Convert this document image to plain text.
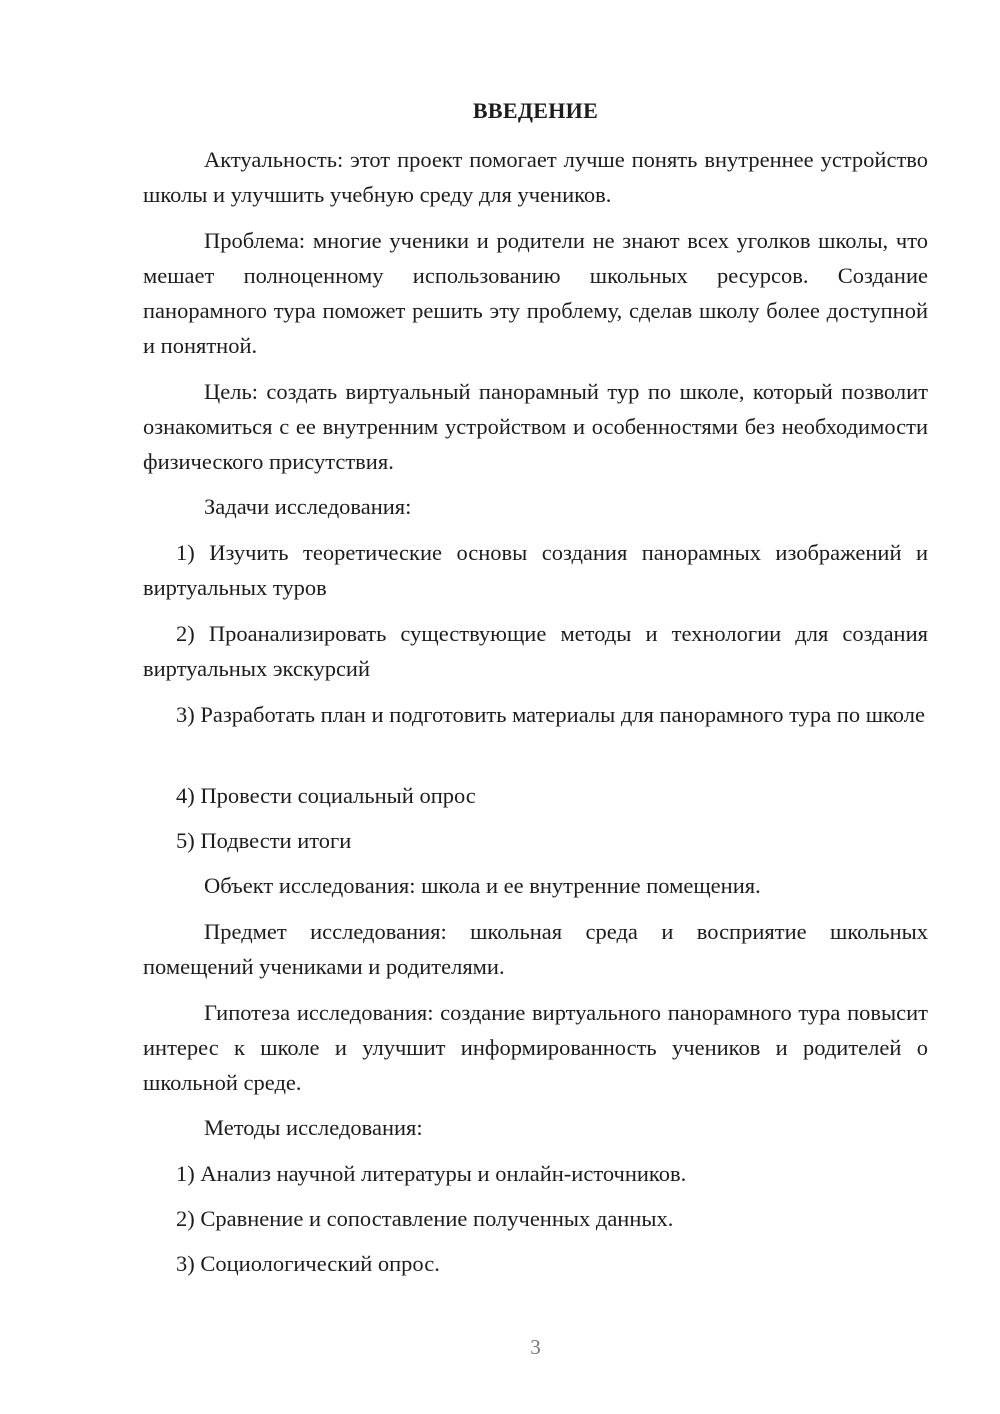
ВВЕДЕНИЕ
Актуальность: этот проект помогает лучше понять внутреннее устройство школы и улучшить учебную среду для учеников.
Проблема: многие ученики и родители не знают всех уголков школы, что мешает полноценному использованию школьных ресурсов. Создание панорамного тура поможет решить эту проблему, сделав школу более доступной и понятной.
Цель: создать виртуальный панорамный тур по школе, который позволит ознакомиться с ее внутренним устройством и особенностями без необходимости физического присутствия.
Задачи исследования:
1) Изучить теоретические основы создания панорамных изображений и виртуальных туров
2) Проанализировать существующие методы и технологии для создания виртуальных экскурсий
3) Разработать план и подготовить материалы для панорамного тура по школе
4) Провести социальный опрос
5) Подвести итоги
Объект исследования: школа и ее внутренние помещения.
Предмет исследования: школьная среда и восприятие школьных помещений учениками и родителями.
Гипотеза исследования: создание виртуального панорамного тура повысит интерес к школе и улучшит информированность учеников и родителей о школьной среде.
Методы исследования:
1) Анализ научной литературы и онлайн-источников.
2) Сравнение и сопоставление полученных данных.
3) Социологический опрос.
3
